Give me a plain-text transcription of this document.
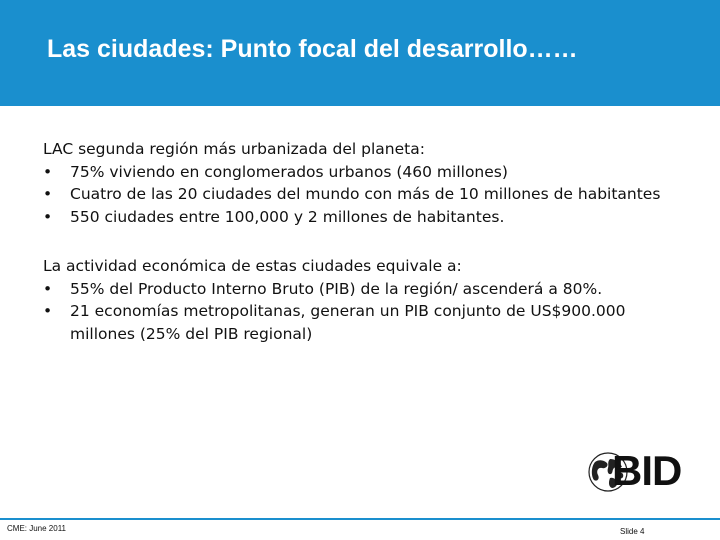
Las ciudades: Punto focal del desarrollo……

LAC segunda región más urbanizada del planeta:

• 75% viviendo en conglomerados urbanos (460 millones)
• Cuatro de las 20 ciudades del mundo con más de 10 millones de habitantes
• 550 ciudades entre 100,000 y 2 millones de habitantes.

La actividad económica de estas ciudades equivale a:

• 55% del Producto Interno Bruto (PIB) de la región/ ascenderá a 80%.
• 21 economías metropolitanas, generan un PIB conjunto de US$900.000 millones (25% del PIB regional)
BID
CME: June 2011	Slide 4
